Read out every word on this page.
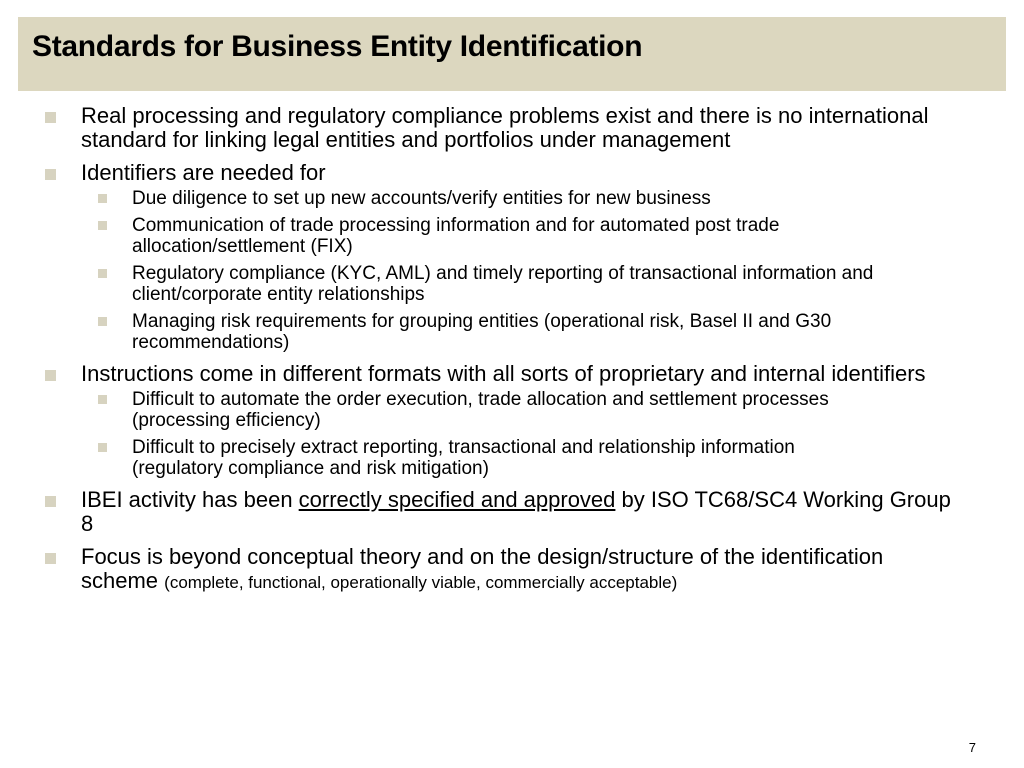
Standards for Business Entity Identification
Real processing and regulatory compliance problems exist and there is no international standard for linking legal entities and portfolios under management
Identifiers are needed for
Due diligence to set up new accounts/verify entities for new business
Communication of trade processing information and for automated post trade allocation/settlement (FIX)
Regulatory compliance (KYC, AML) and timely reporting of transactional information and client/corporate entity relationships
Managing risk requirements for grouping entities (operational risk, Basel II and G30 recommendations)
Instructions come in different formats with all sorts of proprietary and internal identifiers
Difficult to automate the order execution, trade allocation and settlement processes (processing efficiency)
Difficult to precisely extract reporting, transactional and relationship information (regulatory compliance and risk mitigation)
IBEI activity has been correctly specified and approved by ISO TC68/SC4 Working Group 8
Focus is beyond conceptual theory and on the design/structure of the identification scheme (complete, functional, operationally viable, commercially acceptable)
7
